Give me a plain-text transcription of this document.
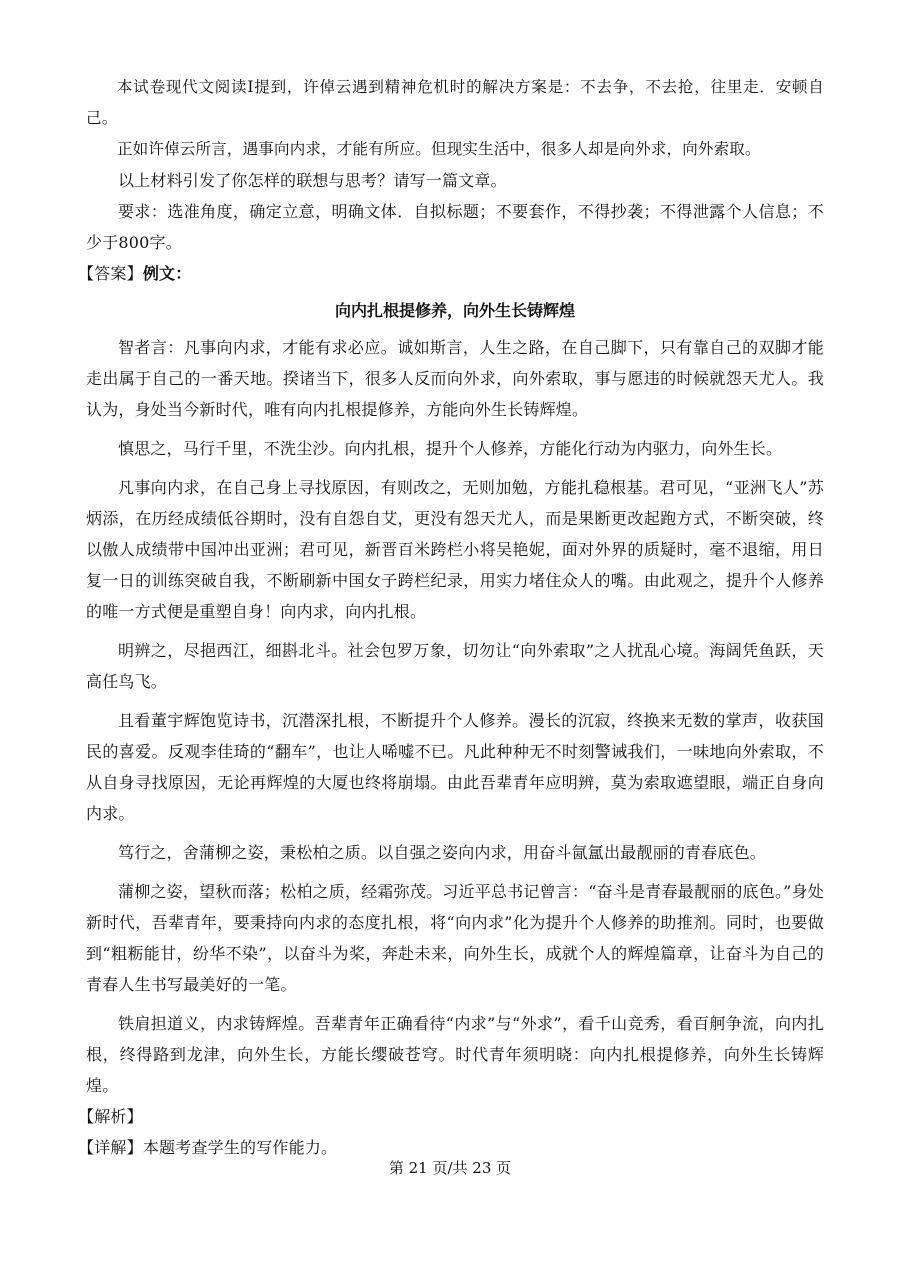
本试卷现代文阅读Ⅰ提到，许倬云遇到精神危机时的解决方案是：不去争，不去抢，往里走．安顿自己。

正如许倬云所言，遇事向内求，才能有所应。但现实生活中，很多人却是向外求，向外索取。

以上材料引发了你怎样的联想与思考？请写一篇文章。

要求：选准角度，确定立意，明确文体．自拟标题；不要套作，不得抄袭；不得泄露个人信息；不少于800字。

【答案】例文：

向内扎根提修养，向外生长铸辉煌

智者言：凡事向内求，才能有求必应。诚如斯言，人生之路，在自己脚下，只有靠自己的双脚才能走出属于自己的一番天地。揆诸当下，很多人反而向外求，向外索取，事与愿违的时候就怨天尤人。我认为，身处当今新时代，唯有向内扎根提修养，方能向外生长铸辉煌。

慎思之，马行千里，不洗尘沙。向内扎根，提升个人修养，方能化行动为内驱力，向外生长。

凡事向内求，在自己身上寻找原因，有则改之，无则加勉，方能扎稳根基。君可见，“亚洲飞人”苏炳添，在历经成绩低谷期时，没有自怨自艾，更没有怨天尤人，而是果断更改起跑方式，不断突破，终以傲人成绩带中国冲出亚洲；君可见，新晋百米跨栏小将吴艳妮，面对外界的质疑时，毫不退缩，用日复一日的训练突破自我，不断刷新中国女子跨栏纪录，用实力堵住众人的嘴。由此观之，提升个人修养的唯一方式便是重塑自身！向内求，向内扎根。

明辨之，尽挹西江，细斟北斗。社会包罗万象，切勿让“向外索取”之人扰乱心境。海阔凭鱼跃，天高任鸟飞。

且看董宇辉饱览诗书，沉潜深扎根，不断提升个人修养。漫长的沉寂，终换来无数的掌声，收获国民的喜爱。反观李佳琦的“翻车”，也让人唏嘘不已。凡此种种无不时刻警诫我们，一味地向外索取，不从自身寻找原因，无论再辉煌的大厦也终将崩塌。由此吾辈青年应明辨，莫为索取遮望眼，端正自身向内求。

笃行之，舍蒲柳之姿，秉松柏之质。以自强之姿向内求，用奋斗氤氲出最靓丽的青春底色。

蒲柳之姿，望秋而落；松柏之质，经霜弥茂。习近平总书记曾言：“奋斗是青春最靓丽的底色。”身处新时代，吾辈青年，要秉持向内求的态度扎根，将“向内求”化为提升个人修养的助推剂。同时，也要做到“粗粝能甘，纷华不染”，以奋斗为桨，奔赴未来，向外生长，成就个人的辉煌篇章，让奋斗为自己的青春人生书写最美好的一笔。

铁肩担道义，内求铸辉煌。吾辈青年正确看待“内求”与“外求”，看千山竞秀，看百舸争流，向内扎根，终得路到龙津，向外生长，方能长缨破苍穹。时代青年须明晓：向内扎根提修养，向外生长铸辉煌。

【解析】

【详解】本题考查学生的写作能力。

第 21 页/共 23 页
